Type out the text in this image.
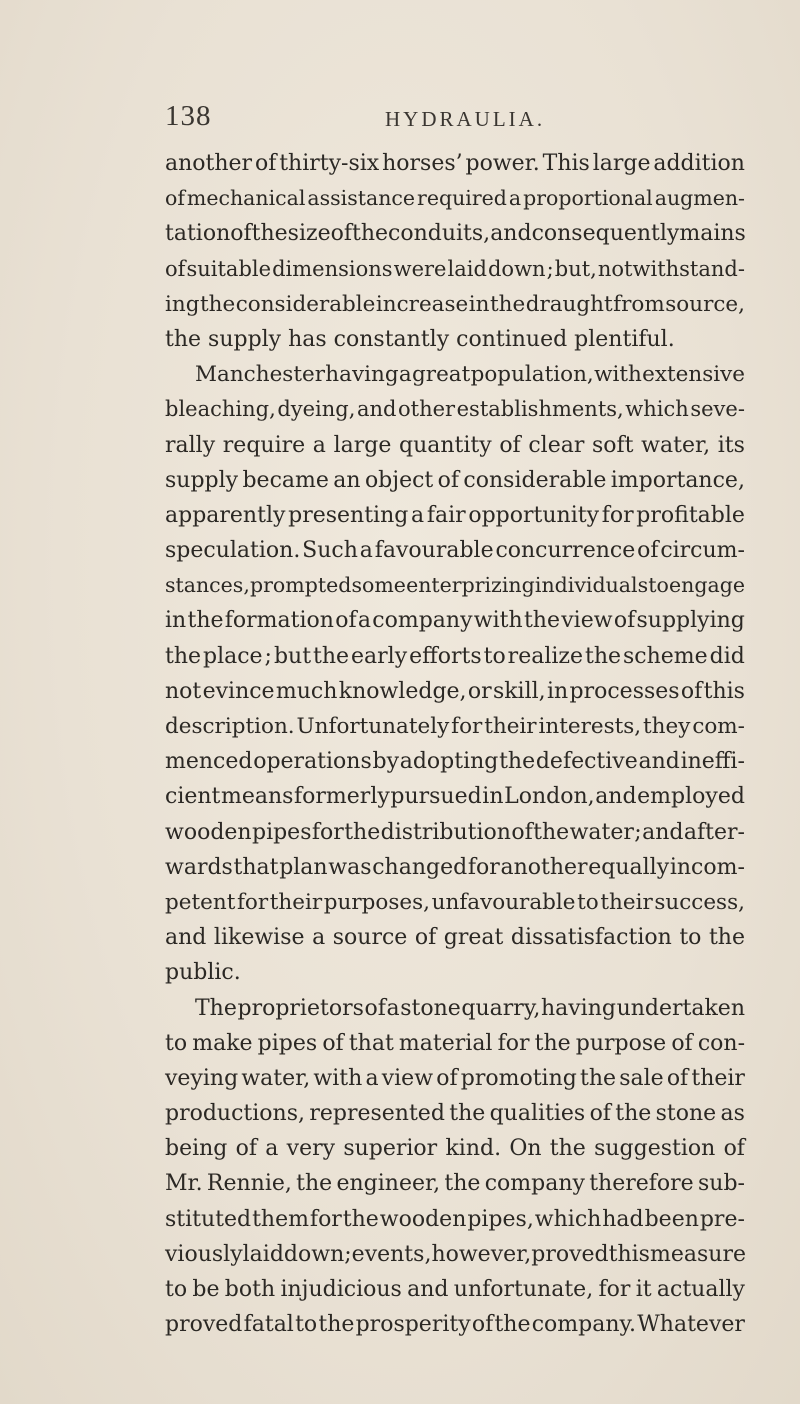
138	HYDRAULIA.
another of thirty-six horses’ power. This large addition
of mechanical assistance required a proportional augmen-
tation of the size of the conduits, and consequently mains
of suitable dimensions were laid down ; but, notwithstand-
ing the considerable increase in the draught from source,
the supply has constantly continued plentiful.
Manchester having a great population, with extensive
bleaching, dyeing, and other establishments, which seve-
rally require a large quantity of clear soft water, its
supply became an object of considerable importance,
apparently presenting a fair opportunity for profitable
speculation. Such a favourable concurrence of circum-
stances, prompted some enterprizing individuals to engage
in the formation of a company with the view of supplying
the place ; but the early efforts to realize the scheme did
not evince much knowledge, or skill, in processes of this
description. Unfortunately for their interests, they com-
menced operations by adopting the defective and ineffi-
cient means formerly pursued in London, and employed
wooden pipes for the distribution of the water ; and after-
wards that plan was changed for another equally incom-
petent for their purposes, unfavourable to their success,
and likewise a source of great dissatisfaction to the
public.
The proprietors of a stone quarry, having undertaken
to make pipes of that material for the purpose of con-
veying water, with a view of promoting the sale of their
productions, represented the qualities of the stone as
being of a very superior kind. On the suggestion of
Mr. Rennie, the engineer, the company therefore sub-
stituted them for the wooden pipes, which had been pre-
viously laid down ; events, however, proved this measure
to be both injudicious and unfortunate, for it actually
proved fatal to the prosperity of the company. Whatever
